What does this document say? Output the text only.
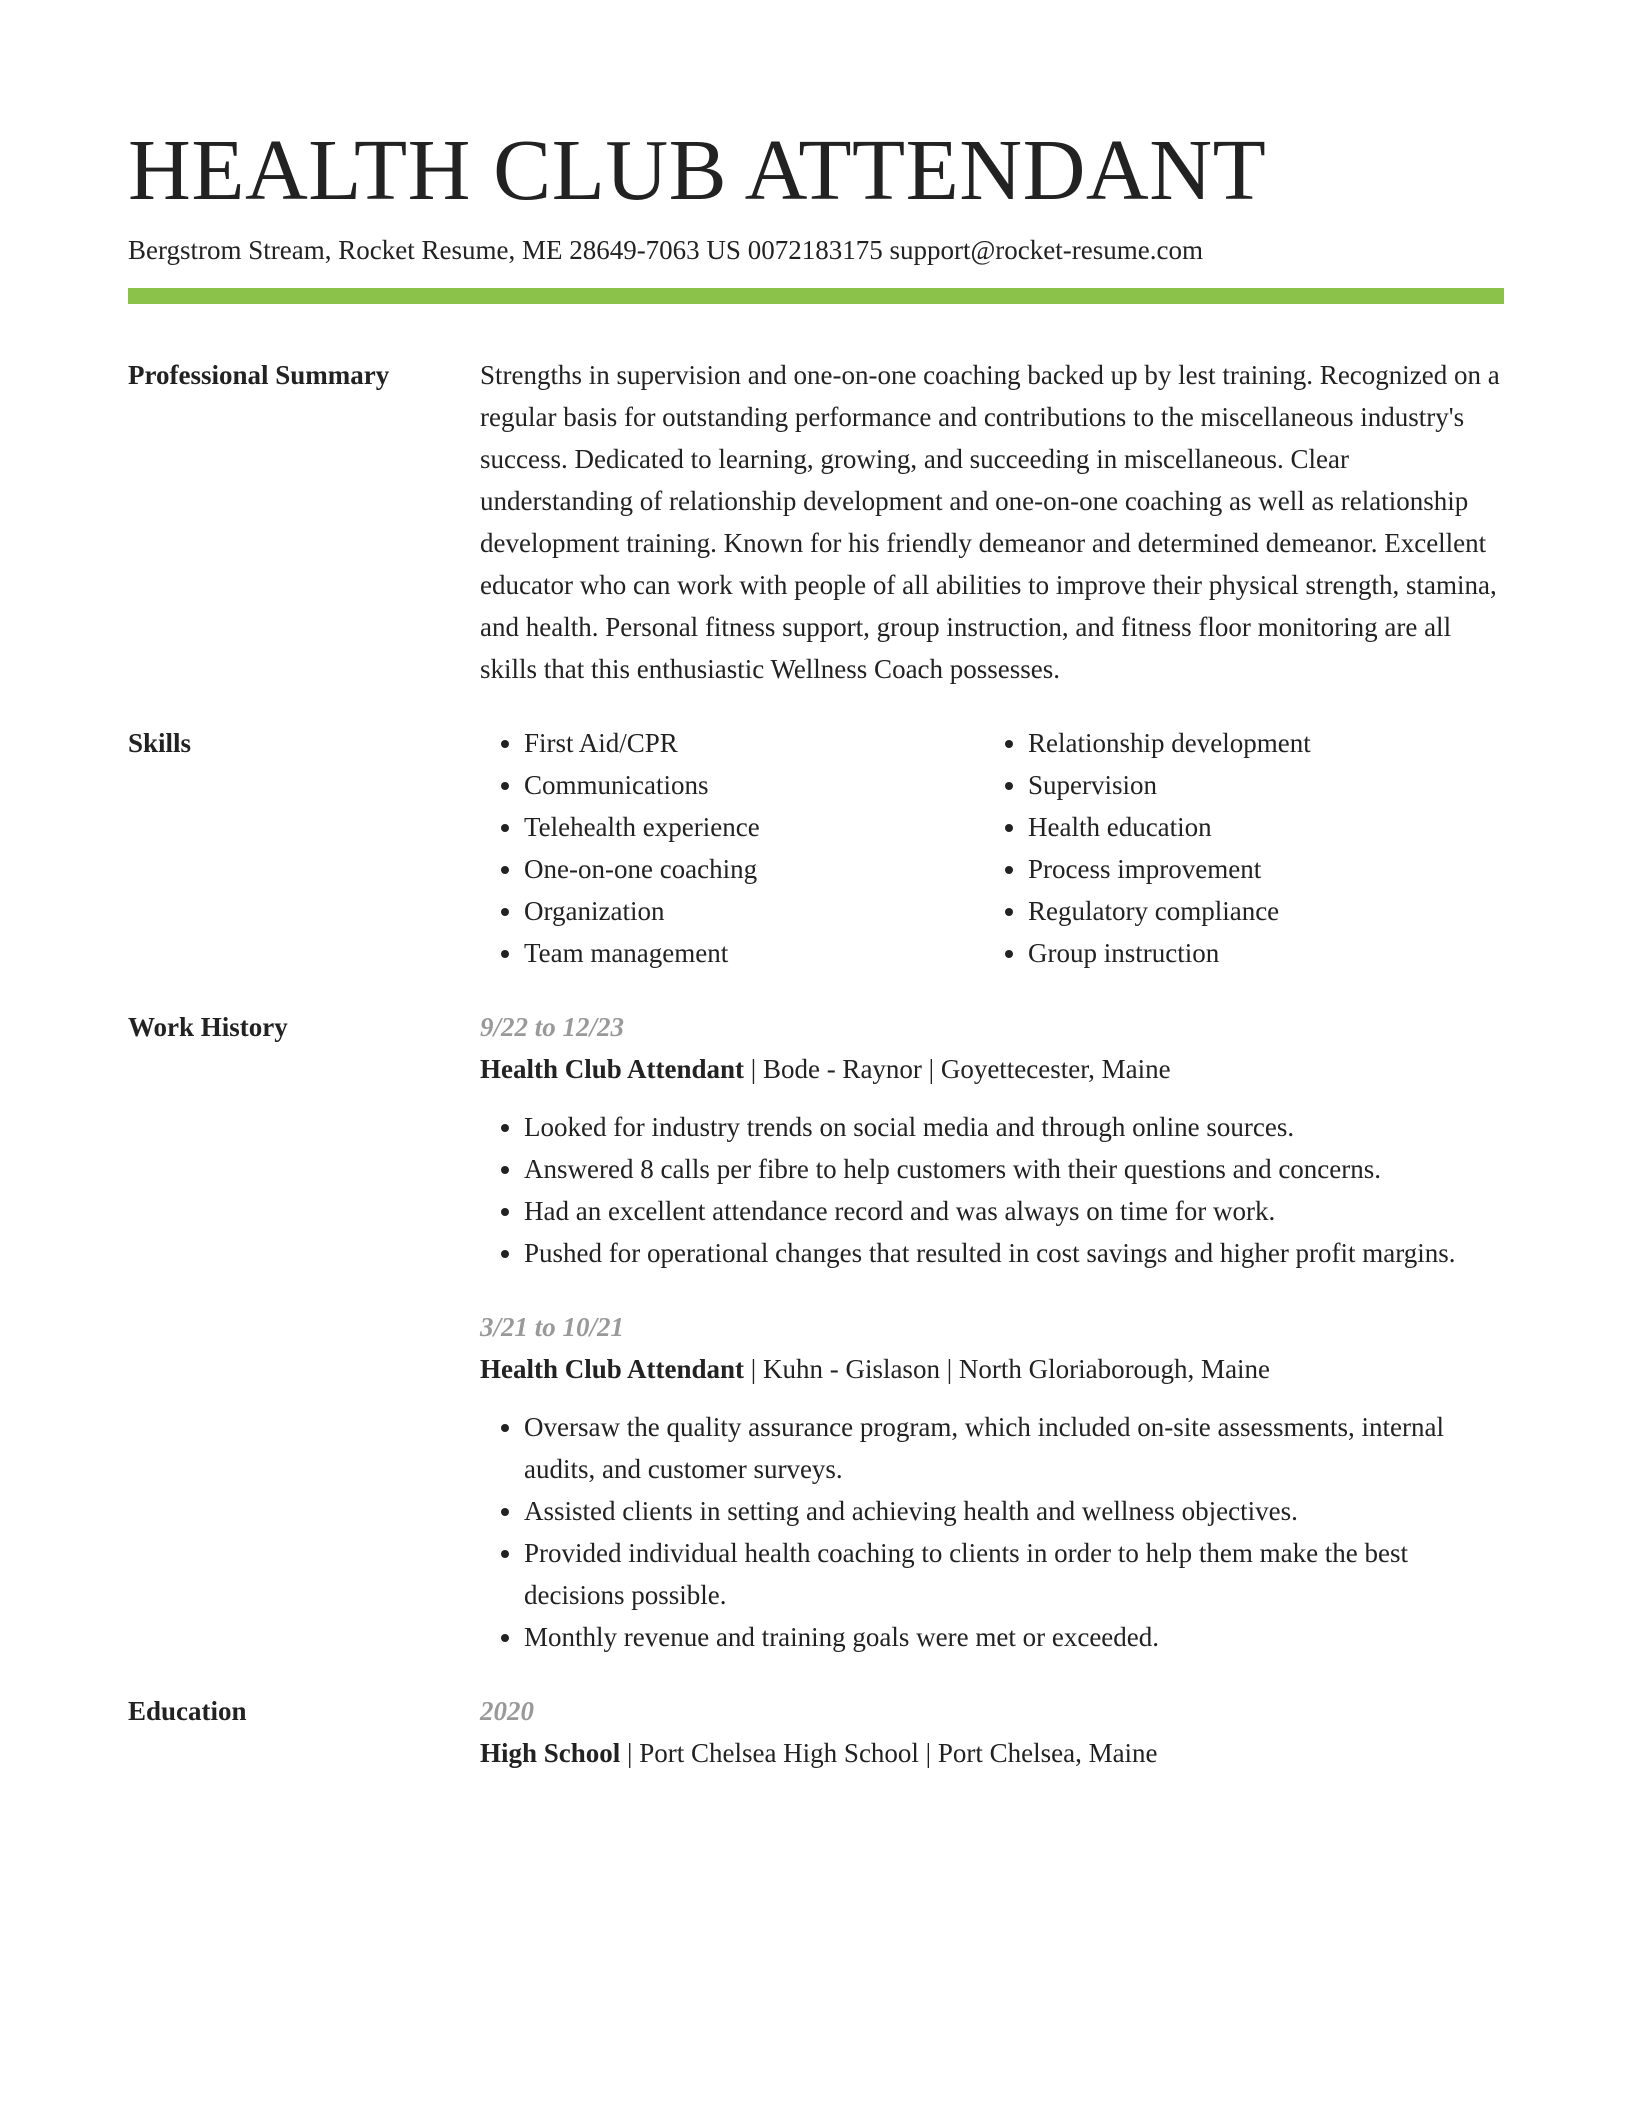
HEALTH CLUB ATTENDANT
Bergstrom Stream, Rocket Resume, ME 28649-7063 US 0072183175 support@rocket-resume.com
Professional Summary	Strengths in supervision and one-on-one coaching backed up by lest training. Recognized on a regular basis for outstanding performance and contributions to the miscellaneous industry's success. Dedicated to learning, growing, and succeeding in miscellaneous. Clear understanding of relationship development and one-on-one coaching as well as relationship development training. Known for his friendly demeanor and determined demeanor. Excellent educator who can work with people of all abilities to improve their physical strength, stamina, and health. Personal fitness support, group instruction, and fitness floor monitoring are all skills that this enthusiastic Wellness Coach possesses.

Skills
•	First Aid/CPR
• Communications
• Telehealth experience
• One-on-one coaching
• Organization
• Team management
• Relationship development
• Supervision
• Health education
• Process improvement
• Regulatory compliance
• Group instruction
Work History	9/22 to 12/23
Health Club Attendant | Bode - Raynor | Goyettecester, Maine
• Looked for industry trends on social media and through online sources.
• Answered 8 calls per fibre to help customers with their questions and concerns.
• Had an excellent attendance record and was always on time for work.
• Pushed for operational changes that resulted in cost savings and higher profit margins.
3/21 to 10/21
Health Club Attendant | Kuhn - Gislason | North Gloriaborough, Maine
• Oversaw the quality assurance program, which included on-site assessments, internal audits, and customer surveys.
• Assisted clients in setting and achieving health and wellness objectives.
• Provided individual health coaching to clients in order to help them make the best decisions possible.
• Monthly revenue and training goals were met or exceeded.
Education	2020
High School | Port Chelsea High School | Port Chelsea, Maine
